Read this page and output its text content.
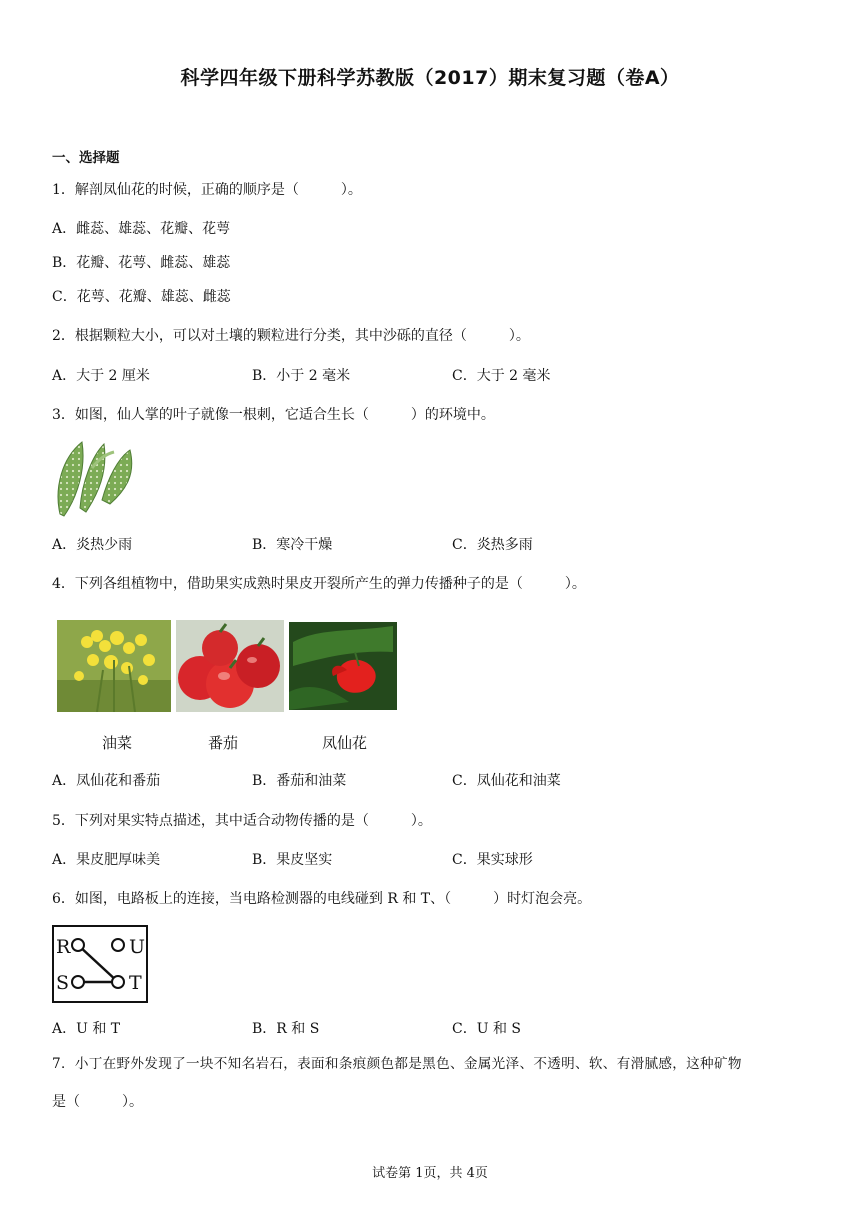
科学四年级下册科学苏教版（2017）期末复习题（卷A）
一、选择题
1．解剖凤仙花的时候，正确的顺序是（　　　）。
A．雌蕊、雄蕊、花瓣、花萼
B．花瓣、花萼、雌蕊、雄蕊
C．花萼、花瓣、雄蕊、雌蕊
2．根据颗粒大小，可以对土壤的颗粒进行分类，其中沙砾的直径（　　　）。
A．大于 2 厘米	B．小于 2 毫米	C．大于 2 毫米
3．如图，仙人掌的叶子就像一根刺，它适合生长（　　　）的环境中。
A．炎热少雨	B．寒冷干燥	C．炎热多雨
4．下列各组植物中，借助果实成熟时果皮开裂所产生的弹力传播种子的是（　　　）。
油菜	番茄	凤仙花
A．凤仙花和番茄	B．番茄和油菜	C．凤仙花和油菜
5．下列对果实特点描述，其中适合动物传播的是（　　　）。
A．果皮肥厚味美	B．果皮坚实	C．果实球形
6．如图，电路板上的连接，当电路检测器的电线碰到 R 和 T、（　　　）时灯泡会亮。
R	U
S	T
A．U 和 T	B．R 和 S	C．U 和 S
7．小丁在野外发现了一块不知名岩石，表面和条痕颜色都是黑色、金属光泽、不透明、软、有滑腻感，这种矿物
是（　　　）。
试卷第 1页，共 4页
